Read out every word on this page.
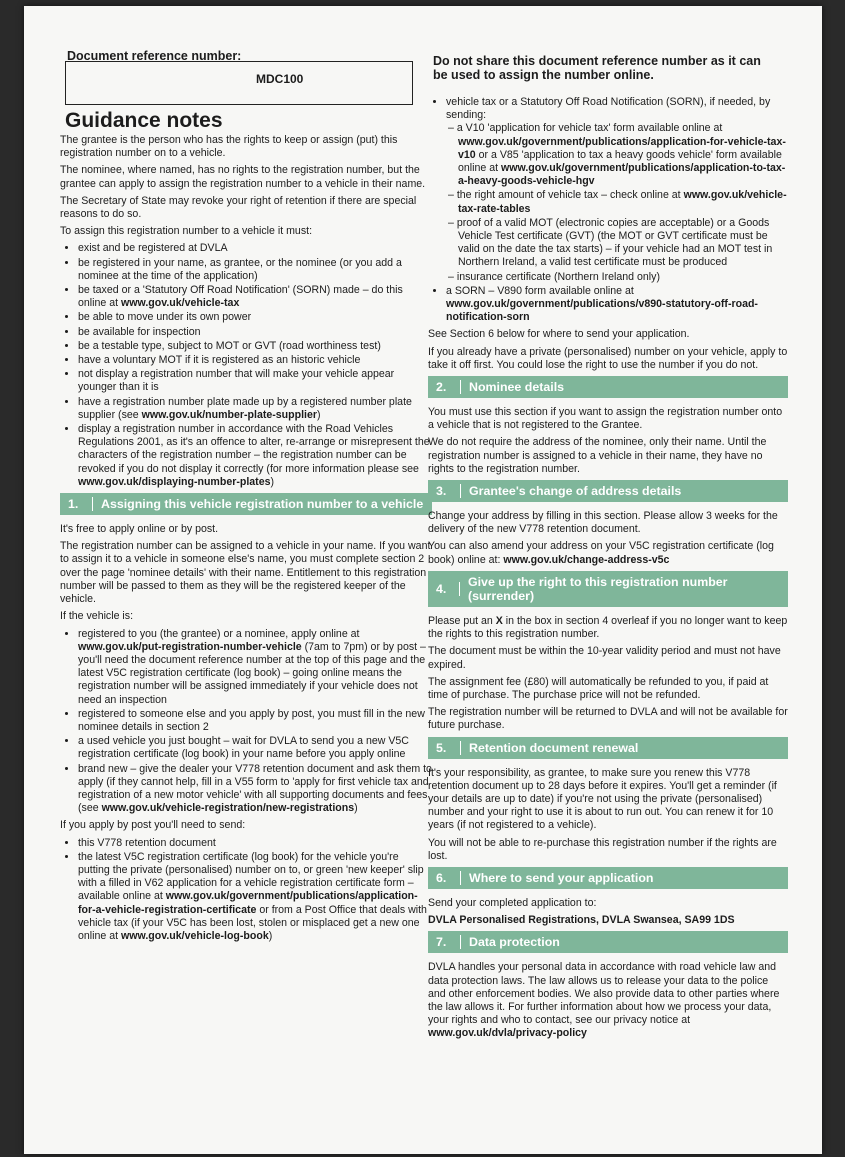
Document reference number:
MDC100
Do not share this document reference number as it can be used to assign the number online.
Guidance notes

The grantee is the person who has the rights to keep or assign (put) this registration number on to a vehicle.

The nominee, where named, has no rights to the registration number, but the grantee can apply to assign the registration number to a vehicle in their name.

The Secretary of State may revoke your right of retention if there are special reasons to do so.

To assign this registration number to a vehicle it must:

• exist and be registered at DVLA
• be registered in your name, as grantee, or the nominee (or you add a nominee at the time of the application)
• be taxed or a 'Statutory Off Road Notification' (SORN) made – do this online at www.gov.uk/vehicle-tax
• be able to move under its own power
• be available for inspection
• be a testable type, subject to MOT or GVT (road worthiness test)
• have a voluntary MOT if it is registered as an historic vehicle
• not display a registration number that will make your vehicle appear younger than it is
• have a registration number plate made up by a registered number plate supplier (see www.gov.uk/number-plate-supplier)
• display a registration number in accordance with the Road Vehicles Regulations 2001, as it's an offence to alter, re-arrange or misrepresent the characters of the registration number – the registration number can be revoked if you do not display it correctly (for more information please see www.gov.uk/displaying-number-plates)
1.	Assigning this vehicle registration number to a vehicle

It's free to apply online or by post.

The registration number can be assigned to a vehicle in your name. If you want to assign it to a vehicle in someone else's name, you must complete section 2 over the page 'nominee details' with their name. Entitlement to this registration number will be passed to them as they will be the registered keeper of the vehicle.

If the vehicle is:

• registered to you (the grantee) or a nominee, apply online at www.gov.uk/put-registration-number-vehicle (7am to 7pm) or by post – you'll need the document reference number at the top of this page and the latest V5C registration certificate (log book) – going online means the registration number will be assigned immediately if your vehicle does not need an inspection
• registered to someone else and you apply by post, you must fill in the new nominee details in section 2
• a used vehicle you just bought – wait for DVLA to send you a new V5C registration certificate (log book) in your name before you apply online
• brand new – give the dealer your V778 retention document and ask them to apply (if they cannot help, fill in a V55 form to 'apply for first vehicle tax and registration of a new motor vehicle' with all supporting documents and fees (see www.gov.uk/vehicle-registration/new-registrations)

If you apply by post you'll need to send:

• this V778 retention document
• the latest V5C registration certificate (log book) for the vehicle you're putting the private (personalised) number on to, or green 'new keeper' slip with a filled in V62 application for a vehicle registration certificate form – available online at www.gov.uk/government/publications/application-for-a-vehicle-registration-certificate or from a Post Office that deals with vehicle tax (if your V5C has been lost, stolen or misplaced get a new one online at www.gov.uk/vehicle-log-book)
• vehicle tax or a Statutory Off Road Notification (SORN), if needed, by sending:
– a V10 'application for vehicle tax' form available online at www.gov.uk/government/publications/application-for-vehicle-tax-v10 or a V85 'application to tax a heavy goods vehicle' form available online at www.gov.uk/government/publications/application-to-tax-a-heavy-goods-vehicle-hgv
– the right amount of vehicle tax – check online at www.gov.uk/vehicle-tax-rate-tables
– proof of a valid MOT (electronic copies are acceptable) or a Goods Vehicle Test certificate (GVT) (the MOT or GVT certificate must be valid on the date the tax starts) – if your vehicle had an MOT test in Northern Ireland, a valid test certificate must be produced
– insurance certificate (Northern Ireland only)
• a SORN – V890 form available online at www.gov.uk/government/publications/v890-statutory-off-road-notification-sorn

See Section 6 below for where to send your application.

If you already have a private (personalised) number on your vehicle, apply to take it off first. You could lose the right to use the number if you do not.

2.	Nominee details

You must use this section if you want to assign the registration number onto a vehicle that is not registered to the Grantee.

We do not require the address of the nominee, only their name. Until the registration number is assigned to a vehicle in their name, they have no rights to the registration number.

3.	Grantee's change of address details

Change your address by filling in this section. Please allow 3 weeks for the delivery of the new V778 retention document.

You can also amend your address on your V5C registration certificate (log book) online at: www.gov.uk/change-address-v5c

4.	Give up the right to this registration number (surrender)

Please put an X in the box in section 4 overleaf if you no longer want to keep the rights to this registration number.

The document must be within the 10-year validity period and must not have expired.

The assignment fee (£80) will automatically be refunded to you, if paid at time of purchase. The purchase price will not be refunded.

The registration number will be returned to DVLA and will not be available for future purchase.

5.	Retention document renewal

It's your responsibility, as grantee, to make sure you renew this V778 retention document up to 28 days before it expires. You'll get a reminder (if your details are up to date) if you're not using the private (personalised) number and your right to use it is about to run out. You can renew it for 10 years (if not registered to a vehicle).

You will not be able to re-purchase this registration number if the rights are lost.

6.	Where to send your application

Send your completed application to:

DVLA Personalised Registrations, DVLA Swansea, SA99 1DS

7.	Data protection

DVLA handles your personal data in accordance with road vehicle law and data protection laws. The law allows us to release your data to the police and other enforcement bodies. We also provide data to other parties where the law allows it. For further information about how we process your data, your rights and who to contact, see our privacy notice at www.gov.uk/dvla/privacy-policy
